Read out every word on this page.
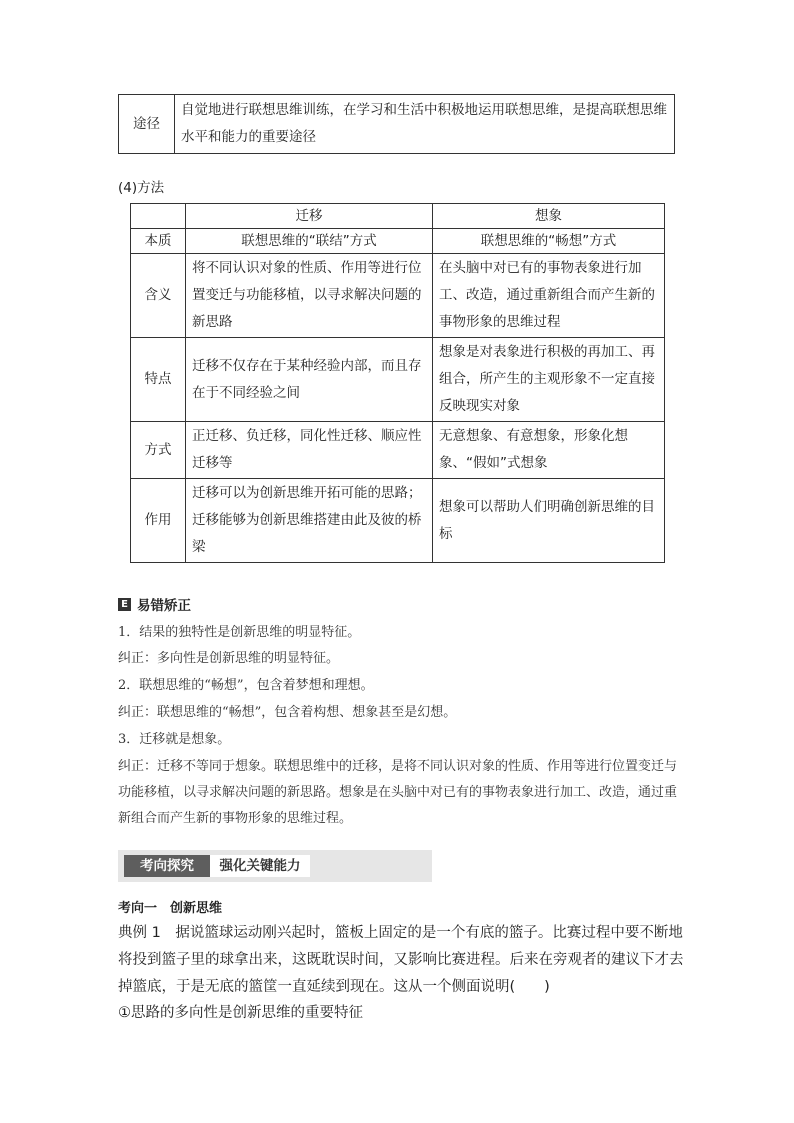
途径	自觉地进行联想思维训练，在学习和生活中积极地运用联想思维，是提高联想思维水平和能力的重要途径
(4)方法
	迁移	想象
本质	联想思维的“联结”方式	联想思维的“畅想”方式
含义	将不同认识对象的性质、作用等进行位置变迁与功能移植，以寻求解决问题的新思路	在头脑中对已有的事物表象进行加工、改造，通过重新组合而产生新的事物形象的思维过程
特点	迁移不仅存在于某种经验内部，而且存在于不同经验之间	想象是对表象进行积极的再加工、再组合，所产生的主观形象不一定直接反映现实对象
方式	正迁移、负迁移，同化性迁移、顺应性迁移等	无意想象、有意想象，形象化想象、“假如”式想象
作用	迁移可以为创新思维开拓可能的思路；迁移能够为创新思维搭建由此及彼的桥梁	想象可以帮助人们明确创新思维的目标
E 易错矫正
1．结果的独特性是创新思维的明显特征。
纠正：多向性是创新思维的明显特征。
2．联想思维的“畅想”，包含着梦想和理想。
纠正：联想思维的“畅想”，包含着构想、想象甚至是幻想。
3．迁移就是想象。
纠正：迁移不等同于想象。联想思维中的迁移，是将不同认识对象的性质、作用等进行位置变迁与功能移植，以寻求解决问题的新思路。想象是在头脑中对已有的事物表象进行加工、改造，通过重新组合而产生新的事物形象的思维过程。
考向探究	强化关键能力
考向一　创新思维
典例 1　据说篮球运动刚兴起时，篮板上固定的是一个有底的篮子。比赛过程中要不断地将投到篮子里的球拿出来，这既耽误时间，又影响比赛进程。后来在旁观者的建议下才去掉篮底，于是无底的篮筐一直延续到现在。这从一个侧面说明(　　)
①思路的多向性是创新思维的重要特征
